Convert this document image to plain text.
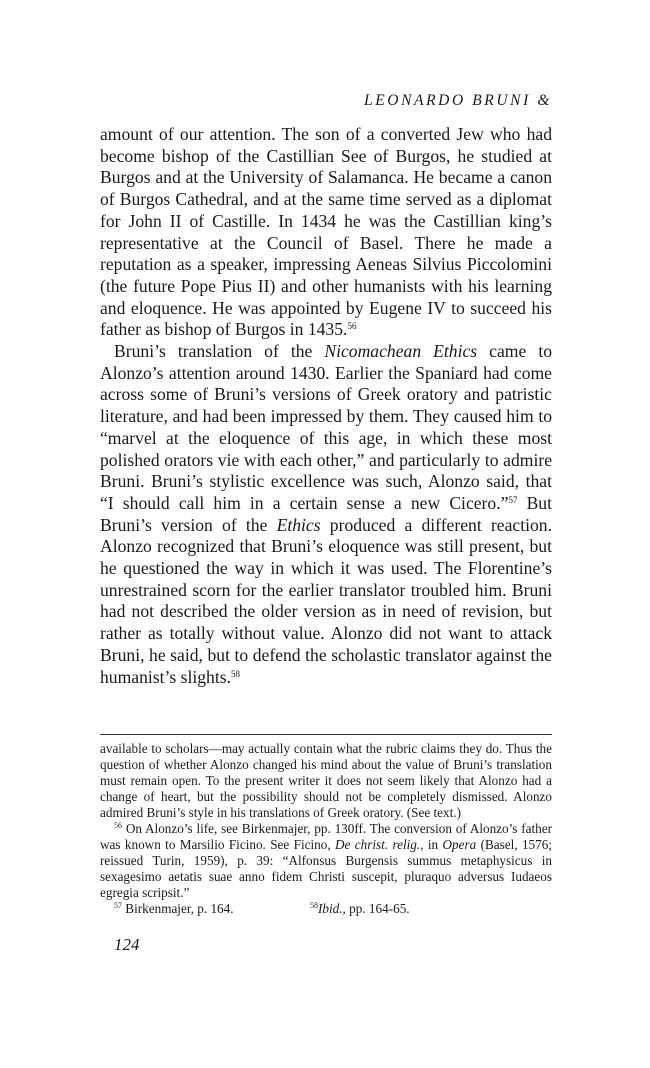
LEONARDO BRUNI &

amount of our attention. The son of a converted Jew who had become bishop of the Castillian See of Burgos, he studied at Burgos and at the University of Salamanca. He became a canon of Burgos Cathedral, and at the same time served as a diplomat for John II of Castille. In 1434 he was the Castillian king’s representative at the Council of Basel. There he made a reputation as a speaker, impressing Aeneas Silvius Piccolomini (the future Pope Pius II) and other humanists with his learning and eloquence. He was appointed by Eugene IV to succeed his father as bishop of Burgos in 1435.56

Bruni’s translation of the Nicomachean Ethics came to Alonzo’s attention around 1430. Earlier the Spaniard had come across some of Bruni’s versions of Greek oratory and patristic literature, and had been impressed by them. They caused him to “marvel at the eloquence of this age, in which these most polished orators vie with each other,” and particularly to admire Bruni. Bruni’s stylistic excellence was such, Alonzo said, that “I should call him in a certain sense a new Cicero.”$^{57}$ But Bruni’s version of the Ethics produced a different reaction. Alonzo recognized that Bruni’s eloquence was still present, but he questioned the way in which it was used. The Florentine’s unrestrained scorn for the earlier translator troubled him. Bruni had not described the older version as in need of revision, but rather as totally without value. Alonzo did not want to attack Bruni, he said, but to defend the scholastic translator against the humanist’s slights.$^{58}$

available to scholars—may actually contain what the rubric claims they do. Thus the question of whether Alonzo changed his mind about the value of Bruni’s translation must remain open. To the present writer it does not seem likely that Alonzo had a change of heart, but the possibility should not be completely dismissed. Alonzo admired Bruni’s style in his translations of Greek oratory. (See text.)

$^{56}$ On Alonzo’s life, see Birkenmajer, pp. 130ff. The conversion of Alonzo’s father was known to Marsilio Ficino. See Ficino, De christ. relig., in Opera (Basel, 1576; reissued Turin, 1959), p. 39: “Alfonsus Burgensis summus metaphysicus in sexagesimo aetatis suae anno fidem Christi suscepit, pluraquo adversus Iudaeos egregia scripsit.”

$^{57}$ Birkenmajer, p. 164.	$^{58}$Ibid., pp. 164-65.
124
